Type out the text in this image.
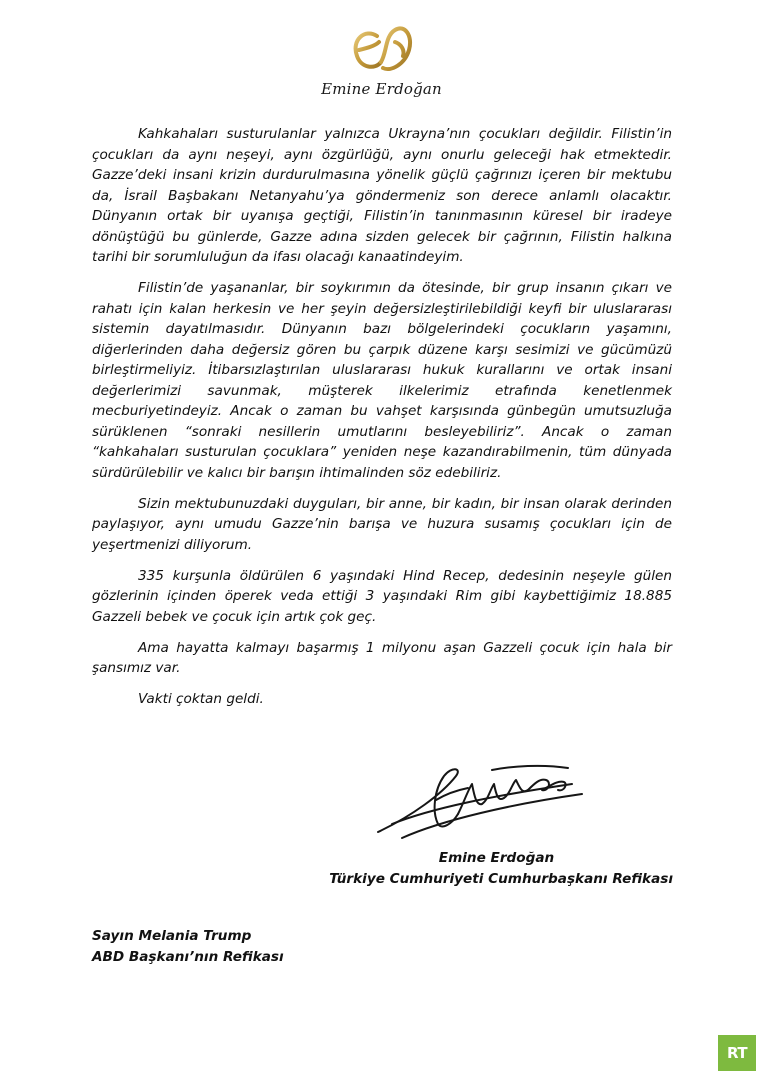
Emine Erdoğan

Kahkahaları susturulanlar yalnızca Ukrayna’nın çocukları değildir. Filistin’in çocukları da aynı neşeyi, aynı özgürlüğü, aynı onurlu geleceği hak etmektedir. Gazze’deki insani krizin durdurulmasına yönelik güçlü çağrınızı içeren bir mektubu da, İsrail Başbakanı Netanyahu’ya göndermeniz son derece anlamlı olacaktır. Dünyanın ortak bir uyanışa geçtiği, Filistin’in tanınmasının küresel bir iradeye dönüştüğü bu günlerde, Gazze adına sizden gelecek bir çağrının, Filistin halkına tarihi bir sorumluluğun da ifası olacağı kanaatindeyim.

Filistin’de yaşananlar, bir soykırımın da ötesinde, bir grup insanın çıkarı ve rahatı için kalan herkesin ve her şeyin değersizleştirilebildiği keyfi bir uluslararası sistemin dayatılmasıdır. Dünyanın bazı bölgelerindeki çocukların yaşamını, diğerlerinden daha değersiz gören bu çarpık düzene karşı sesimizi ve gücümüzü birleştirmeliyiz. İtibarsızlaştırılan uluslararası hukuk kurallarını ve ortak insani değerlerimizi savunmak, müşterek ilkelerimiz etrafında kenetlenmek mecburiyetindeyiz. Ancak o zaman bu vahşet karşısında günbegün umutsuzluğa sürüklenen “sonraki nesillerin umutlarını besleyebiliriz”. Ancak o zaman “kahkahaları susturulan çocuklara” yeniden neşe kazandırabilmenin, tüm dünyada sürdürülebilir ve kalıcı bir barışın ihtimalinden söz edebiliriz.

Sizin mektubunuzdaki duyguları, bir anne, bir kadın, bir insan olarak derinden paylaşıyor, aynı umudu Gazze’nin barışa ve huzura susamış çocukları için de yeşertmenizi diliyorum.

335 kurşunla öldürülen 6 yaşındaki Hind Recep, dedesinin neşeyle gülen gözlerinin içinden öperek veda ettiği 3 yaşındaki Rim gibi kaybettiğimiz 18.885 Gazzeli bebek ve çocuk için artık çok geç.

Ama hayatta kalmayı başarmış 1 milyonu aşan Gazzeli çocuk için hala bir şansımız var.

Vakti çoktan geldi.

Emine Erdoğan
Türkiye Cumhuriyeti Cumhurbaşkanı Refikası
Sayın Melania Trump
ABD Başkanı’nın Refikası
RT
